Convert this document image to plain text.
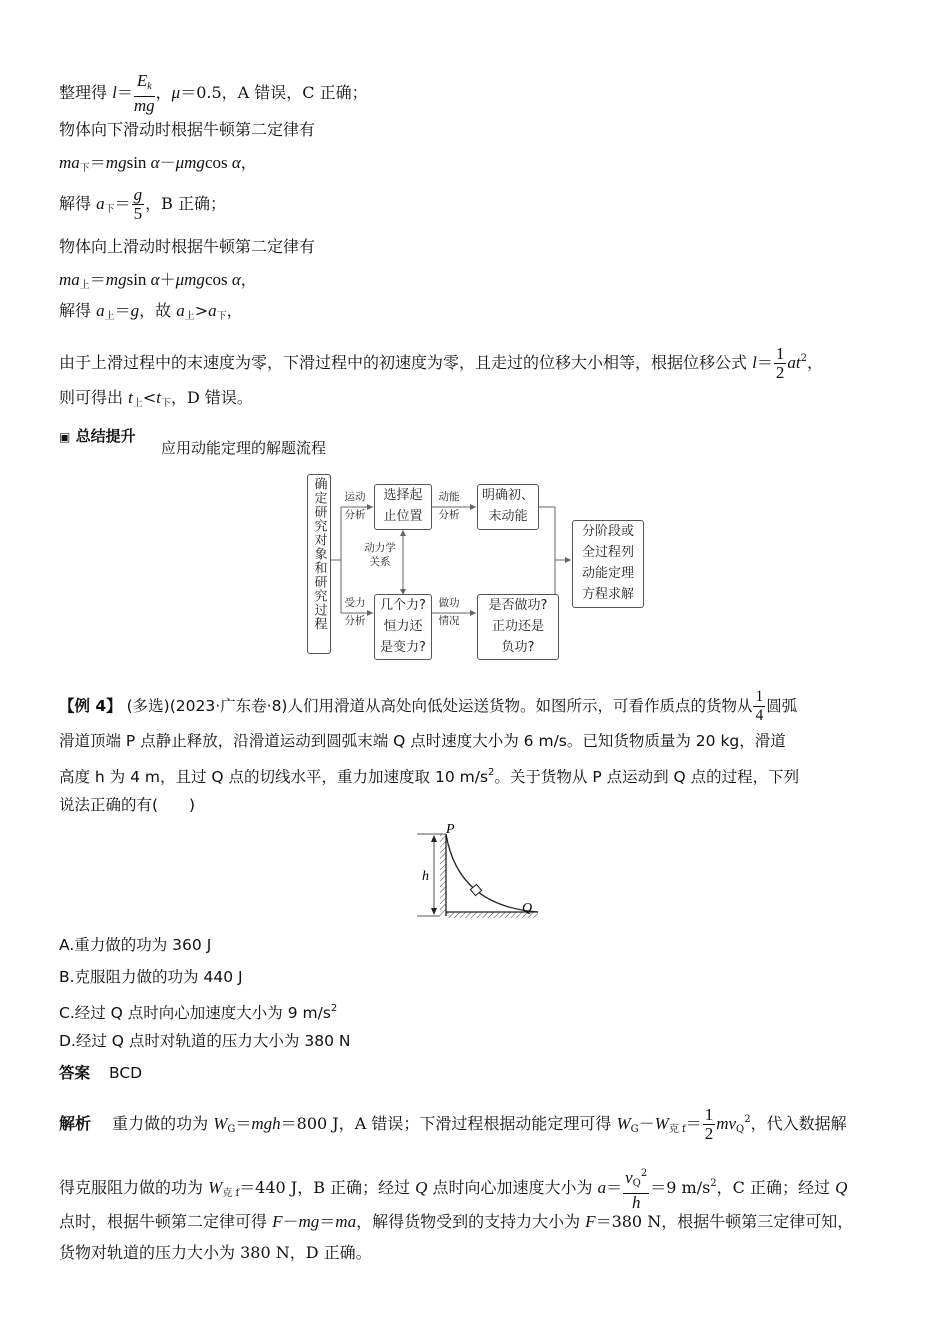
整理得 $l= \frac{E_k}{mg}$ ，μ＝0.5，A 错误，C 正确；
物体向下滑动时根据牛顿第二定律有
$ma_下=mgsin$ α－μmgcos α，
解得 $a_下= \frac{g}{5}$ ，B 正确；
物体向上滑动时根据牛顿第二定律有
$ma_上=mgsin$ α＋μmgcos α，
解得 $a_上=g$，故 $a_上>a_下$，
由于上滑过程中的末速度为零，下滑过程中的初速度为零，且走过的位移大小相等，根据位移公式 $l= \frac{1}{2} at^2$，
则可得出 $t_上<t_下$，D 错误。
▣ 总结提升
应用动能定理的解题流程
确定研究对象和研究过程	运动
分析
选择起
止位置
动能
分析
明确初、
末动能
动力学
关系
受力
分析
几个力?
恒力还
是变力?
做功
情况
是否做功?
正功还是
负功?
分阶段或
全过程列
动能定理
方程求解
【例 4】 (多选)(2023·广东卷·8)人们用滑道从高处向低处运送货物。如图所示，可看作质点的货物从 $\frac{1}{4}$ 圆弧
滑道顶端 P 点静止释放，沿滑道运动到圆弧末端 Q 点时速度大小为 6 m/s。已知货物质量为 20 kg，滑道
高度 h 为 4 m，且过 Q 点的切线水平，重力加速度取 10 $m/s^2$。关于货物从 P 点运动到 Q 点的过程，下列
说法正确的有(　　)
h
P
Q
A.重力做的功为 360 J
B.克服阻力做的功为 440 J
C.经过 Q 点时向心加速度大小为 9 $m/s^2$
D.经过 Q 点时对轨道的压力大小为 380 N
答案 BCD
解析 重力做的功为 $W_G=mgh=800$ J，A 错误；下滑过程根据动能定理可得 $W_G-W_{克 f}= \frac{1}{2} mv_Q^2$，代入数据解
得克服阻力做的功为 $W_{克 f}=440$ J，B 正确；经过 Q 点时向心加速度大小为 $a= \frac{v_Q^2}{h} =9$ $m/s^2$，C 正确；经过 Q
点时，根据牛顿第二定律可得 F－mg＝ma，解得货物受到的支持力大小为 F＝380 N，根据牛顿第三定律可知，
货物对轨道的压力大小为 380 N，D 正确。
